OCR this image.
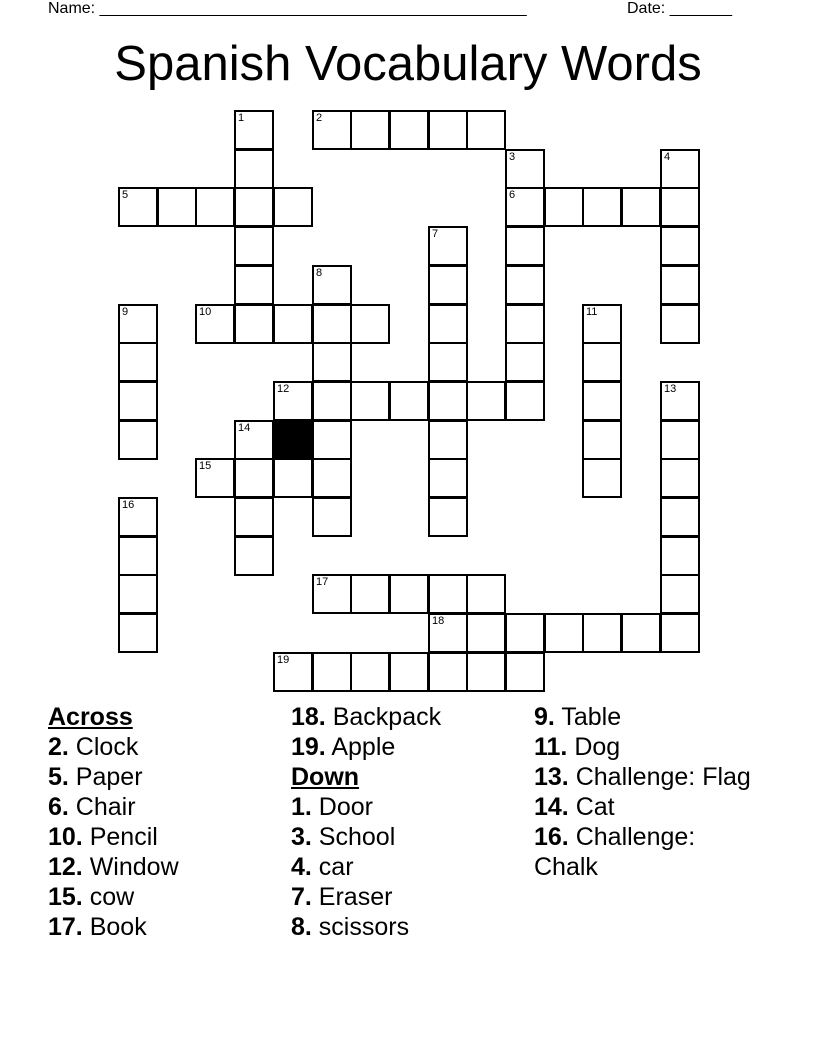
Name: ________________________________________________	Date: _______
Spanish Vocabulary Words
1	2
3	4
5	6
7
8
9	10	11
12	13
14
15
16
17
18
19
Across
2. Clock
5. Paper
6. Chair
10. Pencil
12. Window
15. cow
17. Book
18. Backpack
19. Apple
Down
1. Door
3. School
4. car
7. Eraser
8. scissors
9. Table
11. Dog
13. Challenge: Flag
14. Cat
16. Challenge: Chalk
